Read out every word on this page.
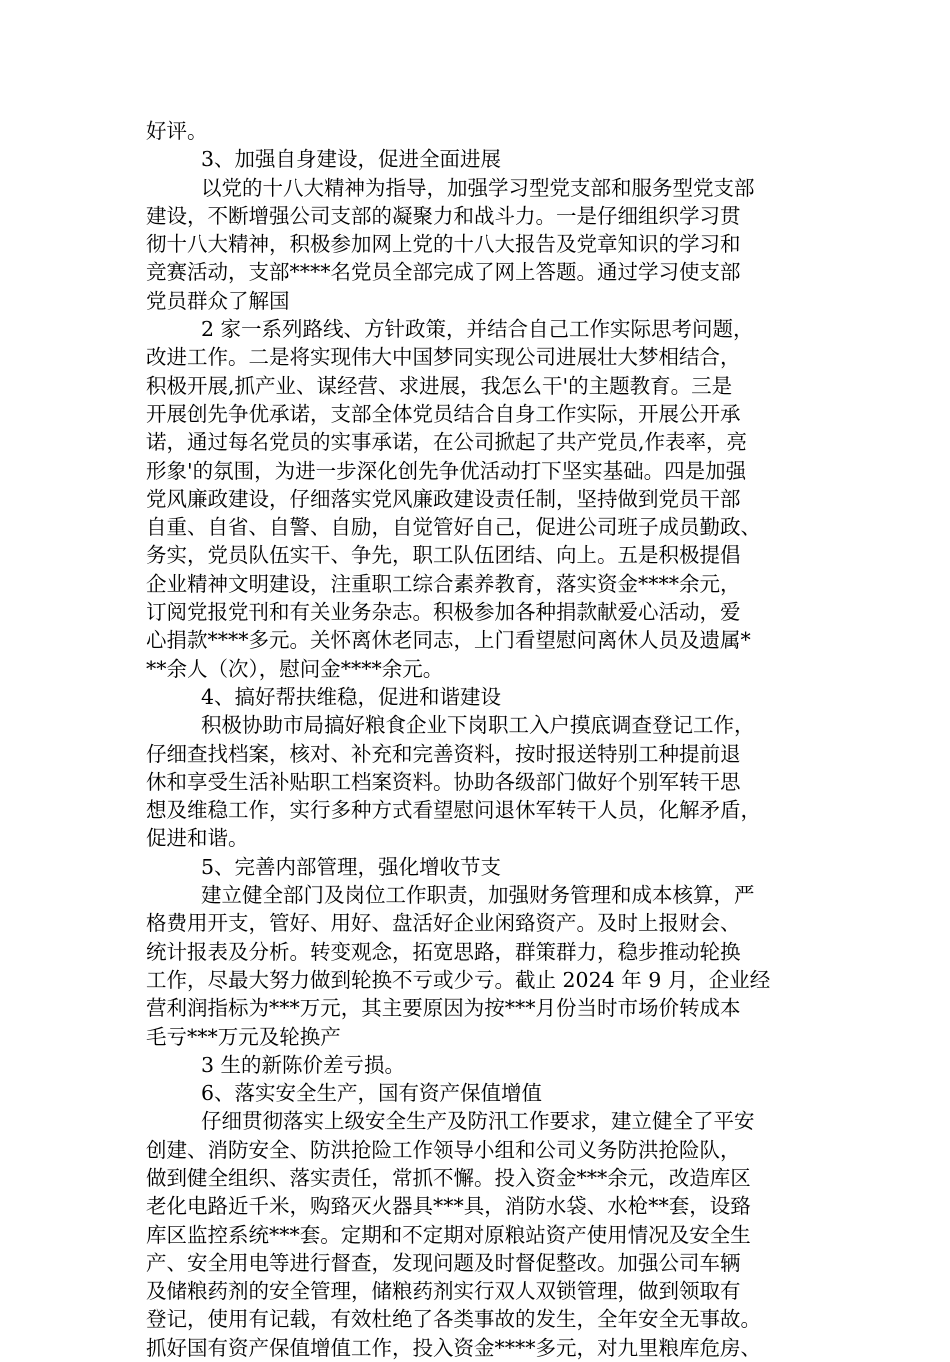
好评。
3、加强自身建设，促进全面进展
以党的十八大精神为指导，加强学习型党支部和服务型党支部
建设，不断增强公司支部的凝聚力和战斗力。一是仔细组织学习贯
彻十八大精神，积极参加网上党的十八大报告及党章知识的学习和
竞赛活动，支部****名党员全部完成了网上答题。通过学习使支部
党员群众了解国
2 家一系列路线、方针政策，并结合自己工作实际思考问题，
改进工作。二是将实现伟大中国梦同实现公司进展壮大梦相结合，
积极开展,抓产业、谋经营、求进展，我怎么干'的主题教育。三是
开展创先争优承诺，支部全体党员结合自身工作实际，开展公开承
诺，通过每名党员的实事承诺，在公司掀起了共产党员,作表率，亮
形象'的氛围，为进一步深化创先争优活动打下坚实基础。四是加强
党风廉政建设，仔细落实党风廉政建设责任制，坚持做到党员干部
自重、自省、自警、自励，自觉管好自己，促进公司班子成员勤政、
务实，党员队伍实干、争先，职工队伍团结、向上。五是积极提倡
企业精神文明建设，注重职工综合素养教育，落实资金****余元，
订阅党报党刊和有关业务杂志。积极参加各种捐款献爱心活动，爱
心捐款****多元。关怀离休老同志，上门看望慰问离休人员及遗属*
**余人（次），慰问金****余元。
4、搞好帮扶维稳，促进和谐建设
积极协助市局搞好粮食企业下岗职工入户摸底调查登记工作，
仔细查找档案，核对、补充和完善资料，按时报送特别工种提前退
休和享受生活补贴职工档案资料。协助各级部门做好个别军转干思
想及维稳工作，实行多种方式看望慰问退休军转干人员，化解矛盾，
促进和谐。
5、完善内部管理，强化增收节支
建立健全部门及岗位工作职责，加强财务管理和成本核算，严
格费用开支，管好、用好、盘活好企业闲臵资产。及时上报财会、
统计报表及分析。转变观念，拓宽思路，群策群力，稳步推动轮换
工作，尽最大努力做到轮换不亏或少亏。截止 2024 年 9 月，企业经
营利润指标为***万元，其主要原因为按***月份当时市场价转成本
毛亏***万元及轮换产
3 生的新陈价差亏损。
6、落实安全生产，国有资产保值增值
仔细贯彻落实上级安全生产及防汛工作要求，建立健全了平安
创建、消防安全、防洪抢险工作领导小组和公司义务防洪抢险队，
做到健全组织、落实责任，常抓不懈。投入资金***余元，改造库区
老化电路近千米，购臵灭火器具***具，消防水袋、水枪**套，设臵
库区监控系统***套。定期和不定期对原粮站资产使用情况及安全生
产、安全用电等进行督查，发现问题及时督促整改。加强公司车辆
及储粮药剂的安全管理，储粮药剂实行双人双锁管理，做到领取有
登记，使用有记载，有效杜绝了各类事故的发生，全年安全无事故。
抓好国有资产保值增值工作，投入资金****多元，对九里粮库危房、
